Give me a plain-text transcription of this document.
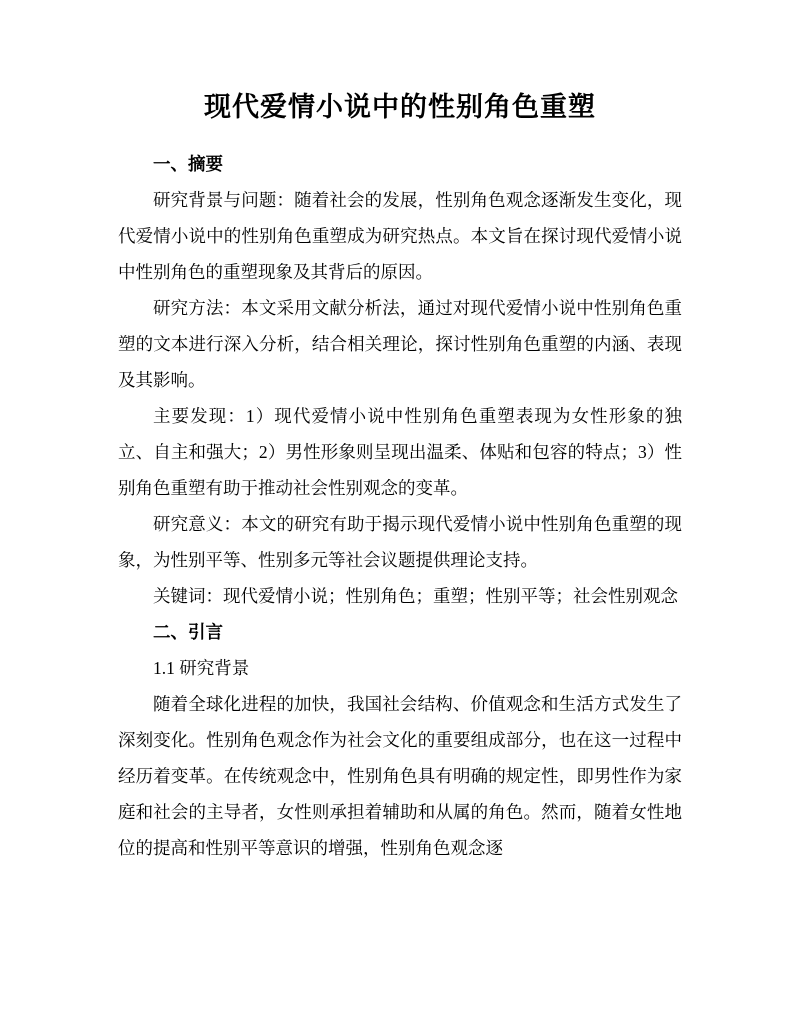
现代爱情小说中的性别角色重塑

一、摘要

研究背景与问题：随着社会的发展，性别角色观念逐渐发生变化，现代爱情小说中的性别角色重塑成为研究热点。本文旨在探讨现代爱情小说中性别角色的重塑现象及其背后的原因。

研究方法：本文采用文献分析法，通过对现代爱情小说中性别角色重塑的文本进行深入分析，结合相关理论，探讨性别角色重塑的内涵、表现及其影响。

主要发现：1）现代爱情小说中性别角色重塑表现为女性形象的独立、自主和强大；2）男性形象则呈现出温柔、体贴和包容的特点；3）性别角色重塑有助于推动社会性别观念的变革。

研究意义：本文的研究有助于揭示现代爱情小说中性别角色重塑的现象，为性别平等、性别多元等社会议题提供理论支持。

关键词：现代爱情小说；性别角色；重塑；性别平等；社会性别观念

二、引言

1.1 研究背景

随着全球化进程的加快，我国社会结构、价值观念和生活方式发生了深刻变化。性别角色观念作为社会文化的重要组成部分，也在这一过程中经历着变革。在传统观念中，性别角色具有明确的规定性，即男性作为家庭和社会的主导者，女性则承担着辅助和从属的角色。然而，随着女性地位的提高和性别平等意识的增强，性别角色观念逐
